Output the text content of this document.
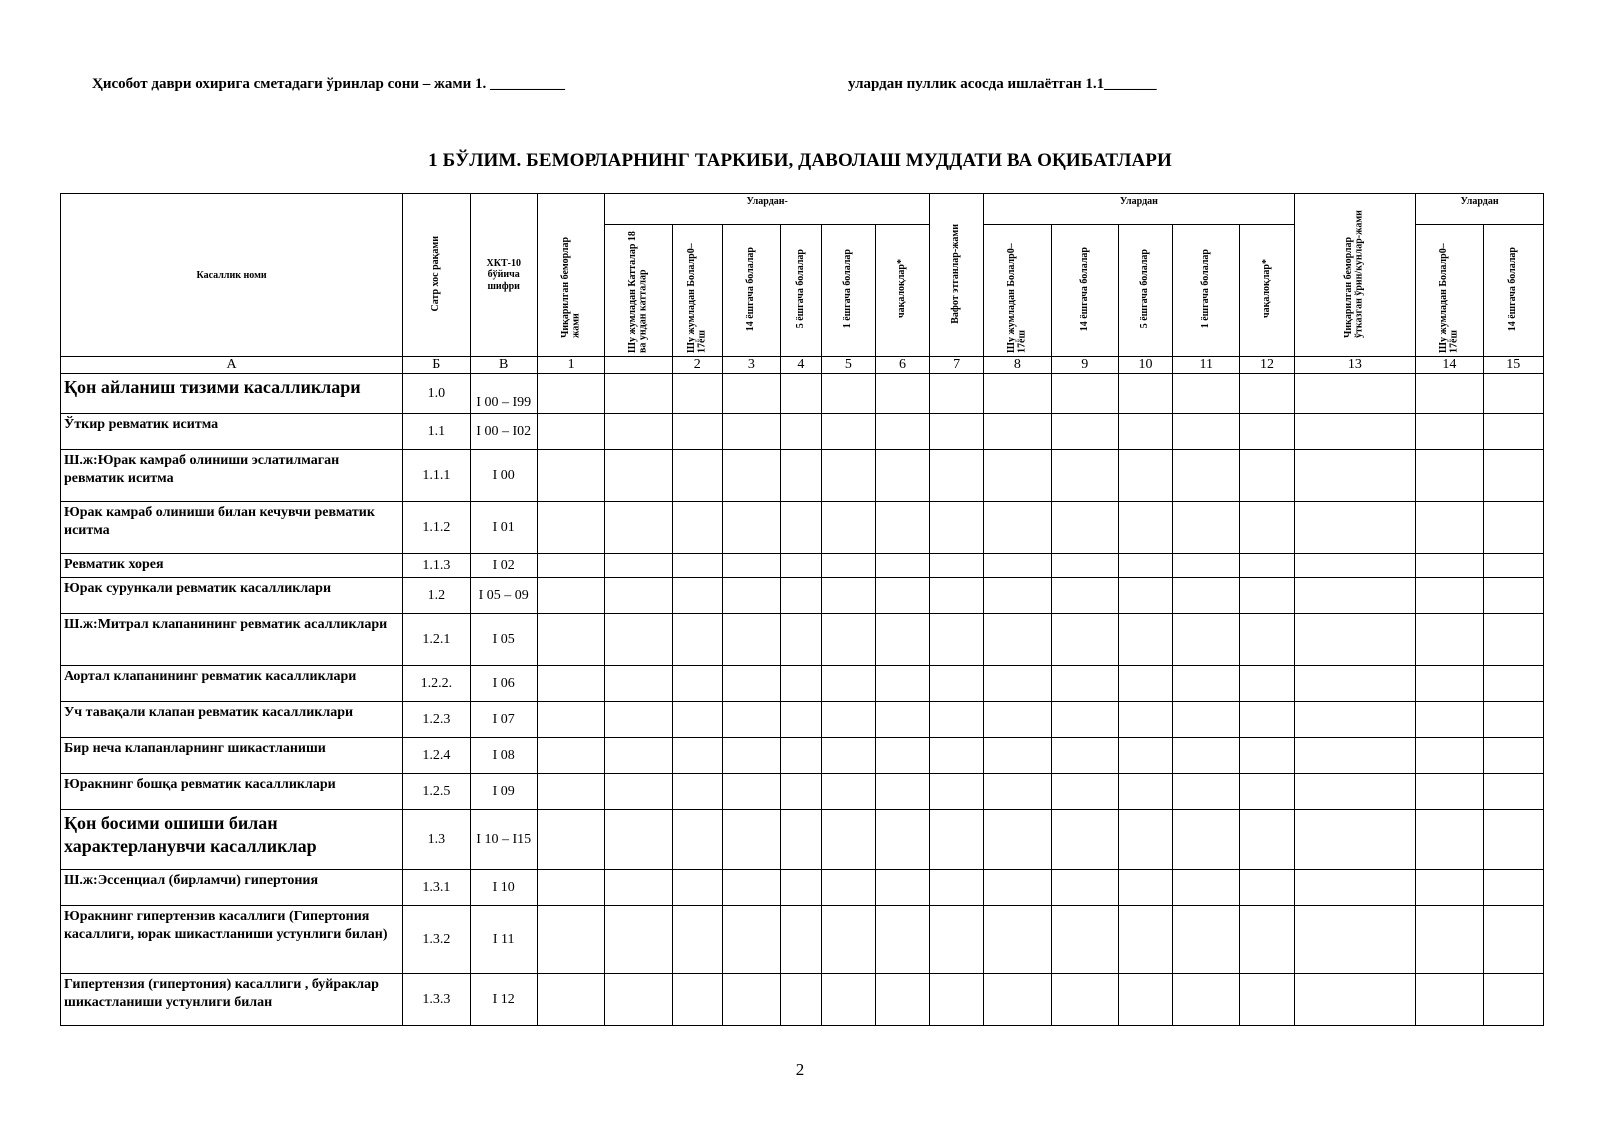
Ҳисобот даври охирига сметадаги ўринлар сони – жами 1. __________	улардан пуллик асосда ишлаётган 1.1_______
1 БЎЛИМ. БЕМОРЛАРНИНГ ТАРКИБИ, ДАВОЛАШ МУДДАТИ ВА ОҚИБАТЛАРИ
Касаллик номи	Сатр хос рақами	ХКТ-10 бўйича шифри	Чиқарилган беморлар жами	Улардан-						Вафот этганлар-жами	Улардан					Чиқарилган беморлар ўтказган ўрин/кунлар-жами	Улардан	
				Шу жумладан Катталар 18 ва ундан катталар	Шу жумладан Болалр0–17ёш	14 ёшгача болалар	5 ёшгача болалар	1 ёшгача болалар	чақалоқлар*		Шу жумладан Болалр0–17ёш	14 ёшгача болалар	5 ёшгача болалар	1 ёшгача болалар	чақалоқлар*		Шу жумладан Болалр0–17ёш	14 ёшгача болалар
А	Б	В	1		2	3	4	5	6	7	8	9	10	11	12	13	14	15
Қон айланиш тизими касалликлари	1.0	I 00 – I99																
Ўткир ревматик иситма	1.1	I 00 – I02																
Ш.ж:Юрак камраб олиниши эслатилмаган ревматик иситма	1.1.1	I 00																
Юрак камраб олиниши билан кечувчи ревматик иситма	1.1.2	I 01																
Ревматик хорея	1.1.3	I 02																
Юрак сурункали ревматик касалликлари	1.2	I 05 – 09																
Ш.ж:Митрал клапанининг ревматик асалликлари	1.2.1	I 05																
Аортал клапанининг ревматик касалликлари	1.2.2.	I 06																
Уч тавақали клапан ревматик касалликлари	1.2.3	I 07																
Бир неча клапанларнинг шикастланиши	1.2.4	I 08																
Юракнинг бошқа ревматик касалликлари	1.2.5	I 09																
Қон босими ошиши билан характерланувчи касалликлар	1.3	I 10 – I15																
Ш.ж:Эссенциал (бирламчи) гипертония	1.3.1	I 10																
Юракнинг гипертензив касаллиги (Гипертония касаллиги, юрак шикастланиши устунлиги билан)	1.3.2	I 11																
Гипертензия (гипертония) касаллиги , буйраклар шикастланиши устунлиги билан	1.3.3	I 12																
2
